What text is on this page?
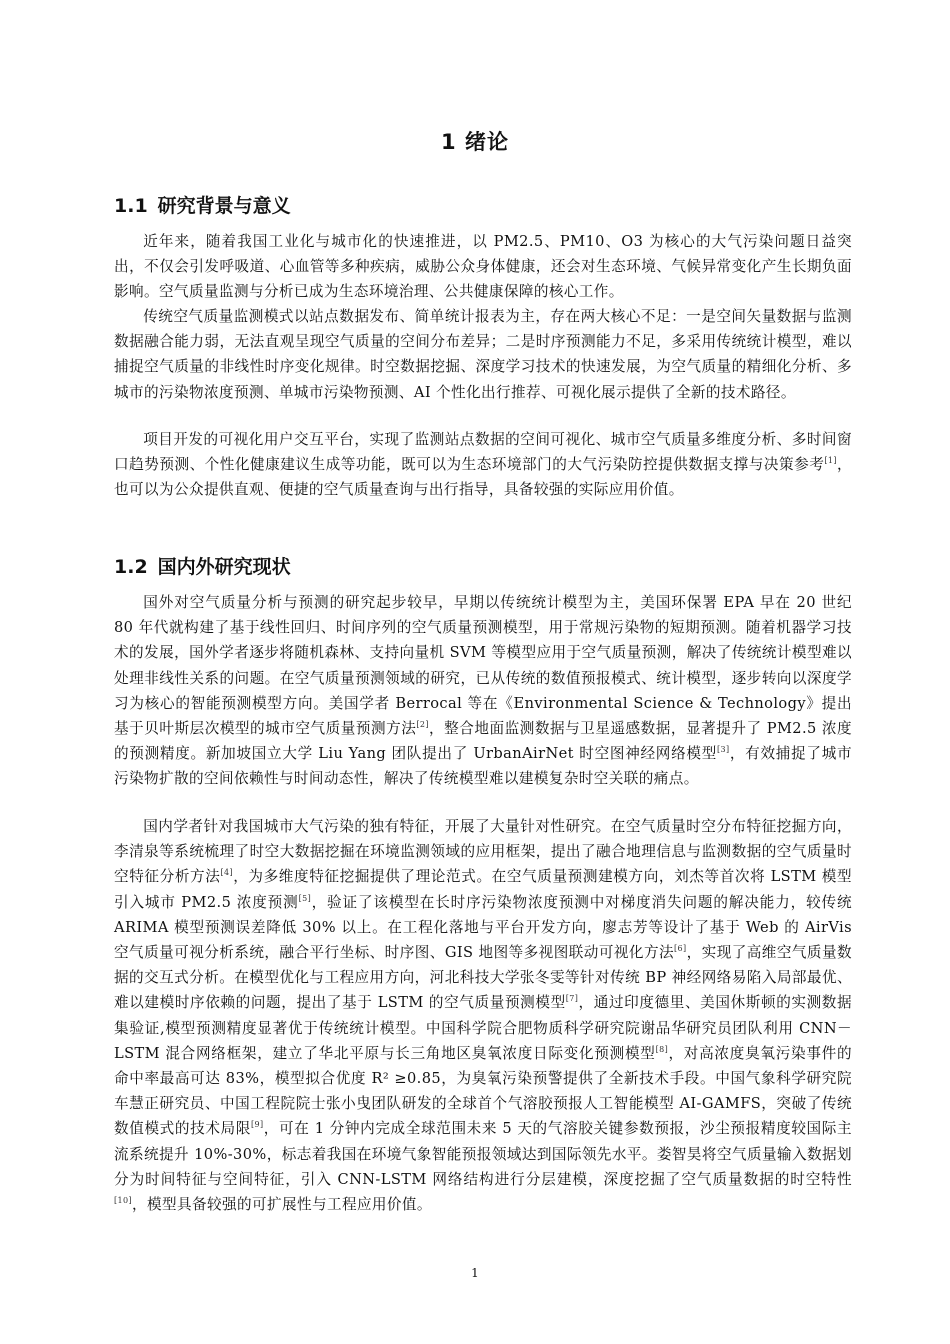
1 绪论
1.1 研究背景与意义

近年来，随着我国工业化与城市化的快速推进，以 PM2.5、PM10、O3 为核心的大气污染问题日益突出，不仅会引发呼吸道、心血管等多种疾病，威胁公众身体健康，还会对生态环境、气候异常变化产生长期负面影响。空气质量监测与分析已成为生态环境治理、公共健康保障的核心工作。

传统空气质量监测模式以站点数据发布、简单统计报表为主，存在两大核心不足：一是空间矢量数据与监测数据融合能力弱，无法直观呈现空气质量的空间分布差异；二是时序预测能力不足，多采用传统统计模型，难以捕捉空气质量的非线性时序变化规律。时空数据挖掘、深度学习技术的快速发展，为空气质量的精细化分析、多城市的污染物浓度预测、单城市污染物预测、AI 个性化出行推荐、可视化展示提供了全新的技术路径。

项目开发的可视化用户交互平台，实现了监测站点数据的空间可视化、城市空气质量多维度分析、多时间窗口趋势预测、个性化健康建议生成等功能，既可以为生态环境部门的大气污染防控提供数据支撑与决策参考[1]，也可以为公众提供直观、便捷的空气质量查询与出行指导，具备较强的实际应用价值。

1.2 国内外研究现状

国外对空气质量分析与预测的研究起步较早，早期以传统统计模型为主，美国环保署 EPA 早在 20 世纪 80 年代就构建了基于线性回归、时间序列的空气质量预测模型，用于常规污染物的短期预测。随着机器学习技术的发展，国外学者逐步将随机森林、支持向量机 SVM 等模型应用于空气质量预测，解决了传统统计模型难以处理非线性关系的问题。在空气质量预测领域的研究，已从传统的数值预报模式、统计模型，逐步转向以深度学习为核心的智能预测模型方向。美国学者 Berrocal 等在《Environmental Science & Technology》提出基于贝叶斯层次模型的城市空气质量预测方法[2]，整合地面监测数据与卫星遥感数据，显著提升了 PM2.5 浓度的预测精度。新加坡国立大学 Liu Yang 团队提出了 UrbanAirNet 时空图神经网络模型[3]，有效捕捉了城市污染物扩散的空间依赖性与时间动态性，解决了传统模型难以建模复杂时空关联的痛点。

国内学者针对我国城市大气污染的独有特征，开展了大量针对性研究。在空气质量时空分布特征挖掘方向，李清泉等系统梳理了时空大数据挖掘在环境监测领域的应用框架，提出了融合地理信息与监测数据的空气质量时空特征分析方法[4]，为多维度特征挖掘提供了理论范式。在空气质量预测建模方向，刘杰等首次将 LSTM 模型引入城市 PM2.5 浓度预测[5]，验证了该模型在长时序污染物浓度预测中对梯度消失问题的解决能力，较传统 ARIMA 模型预测误差降低 30% 以上。在工程化落地与平台开发方向，廖志芳等设计了基于 Web 的 AirVis 空气质量可视分析系统，融合平行坐标、时序图、GIS 地图等多视图联动可视化方法[6]，实现了高维空气质量数据的交互式分析。在模型优化与工程应用方向，河北科技大学张冬雯等针对传统 BP 神经网络易陷入局部最优、难以建模时序依赖的问题，提出了基于 LSTM 的空气质量预测模型[7]，通过印度德里、美国休斯顿的实测数据集验证,模型预测精度显著优于传统统计模型。中国科学院合肥物质科学研究院谢品华研究员团队利用 CNN－LSTM 混合网络框架，建立了华北平原与长三角地区臭氧浓度日际变化预测模型[8]，对高浓度臭氧污染事件的命中率最高可达 83%，模型拟合优度 R² ≥0.85，为臭氧污染预警提供了全新技术手段。中国气象科学研究院车慧正研究员、中国工程院院士张小曳团队研发的全球首个气溶胶预报人工智能模型 AI-GAMFS，突破了传统数值模式的技术局限[9]，可在 1 分钟内完成全球范围未来 5 天的气溶胶关键参数预报，沙尘预报精度较国际主流系统提升 10%-30%，标志着我国在环境气象智能预报领域达到国际领先水平。娄智昊将空气质量输入数据划分为时间特征与空间特征，引入 CNN-LSTM 网络结构进行分层建模，深度挖掘了空气质量数据的时空特性[10]，模型具备较强的可扩展性与工程应用价值。

1
